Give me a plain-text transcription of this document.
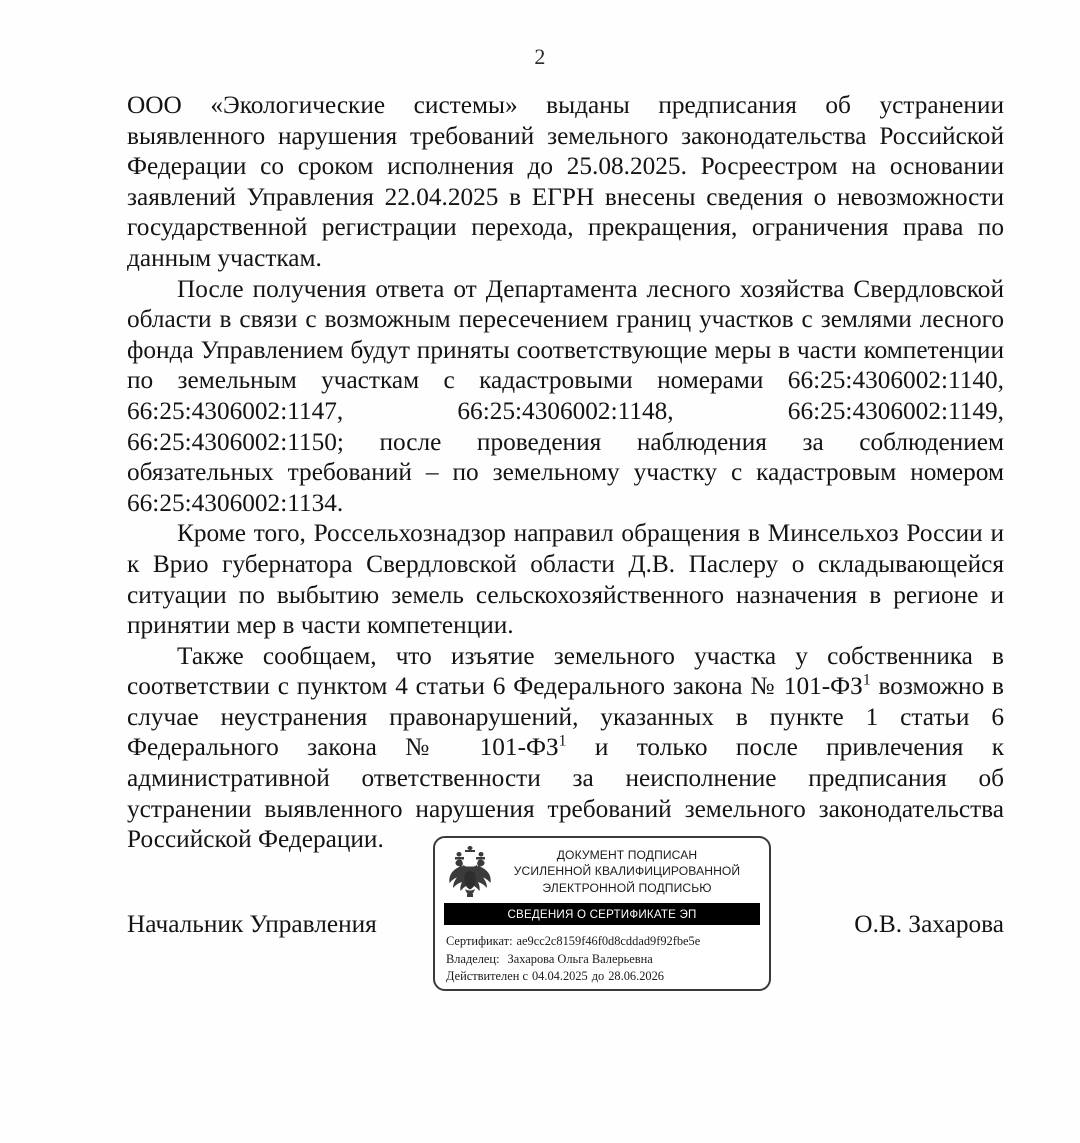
2

ООО «Экологические системы» выданы предписания об устранении выявленного нарушения требований земельного законодательства Российской Федерации со сроком исполнения до 25.08.2025. Росреестром на основании заявлений Управления 22.04.2025 в ЕГРН внесены сведения о невозможности государственной регистрации перехода, прекращения, ограничения права по данным участкам.

После получения ответа от Департамента лесного хозяйства Свердловской области в связи с возможным пересечением границ участков с землями лесного фонда Управлением будут приняты соответствующие меры в части компетенции по земельным участкам с кадастровыми номерами 66:25:4306002:1140, 66:25:4306002:1147, 66:25:4306002:1148, 66:25:4306002:1149, 66:25:4306002:1150; после проведения наблюдения за соблюдением обязательных требований – по земельному участку с кадастровым номером 66:25:4306002:1134.

Кроме того, Россельхознадзор направил обращения в Минсельхоз России и к Врио губернатора Свердловской области Д.В. Паслеру о складывающейся ситуации по выбытию земель сельскохозяйственного назначения в регионе и принятии мер в части компетенции.

Также сообщаем, что изъятие земельного участка у собственника в соответствии с пунктом 4 статьи 6 Федерального закона № 101-ФЗ$^1$ возможно в случае неустранения правонарушений, указанных в пункте 1 статьи 6 Федерального закона № 101-ФЗ$^1$ и только после привлечения к административной ответственности за неисполнение предписания об устранении выявленного нарушения требований земельного законодательства Российской Федерации.

ДОКУМЕНТ ПОДПИСАН
УСИЛЕННОЙ КВАЛИФИЦИРОВАННОЙ
ЭЛЕКТРОННОЙ ПОДПИСЬЮ
СВЕДЕНИЯ О СЕРТИФИКАТЕ ЭП
Сертификат: ae9cc2c8159f46f0d8cddad9f92fbe5e
Владелец: Захарова Ольга Валерьевна
Действителен с 04.04.2025 до 28.06.2026
Начальник Управления	О.В. Захарова
